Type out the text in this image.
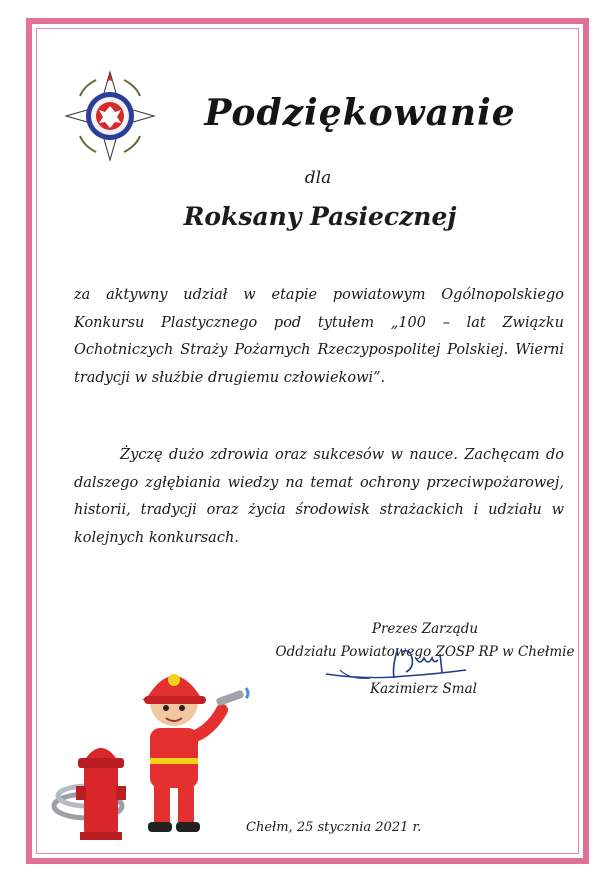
Podziękowanie
dla
Roksany Pasiecznej
za aktywny udział w etapie powiatowym Ogólnopolskiego Konkursu Plastycznego pod tytułem „100 – lat Związku Ochotniczych Straży Pożarnych Rzeczypospolitej Polskiej. Wierni tradycji w służbie drugiemu człowiekowi”.
Życzę dużo zdrowia oraz sukcesów w nauce. Zachęcam do dalszego zgłębiania wiedzy na temat ochrony przeciwpożarowej, historii, tradycji oraz życia środowisk strażackich i udziału w kolejnych konkursach.
Prezes Zarządu
Oddziału Powiatowego ZOSP RP w Chełmie
Kazimierz Smal
Chełm, 25 stycznia 2021 r.
